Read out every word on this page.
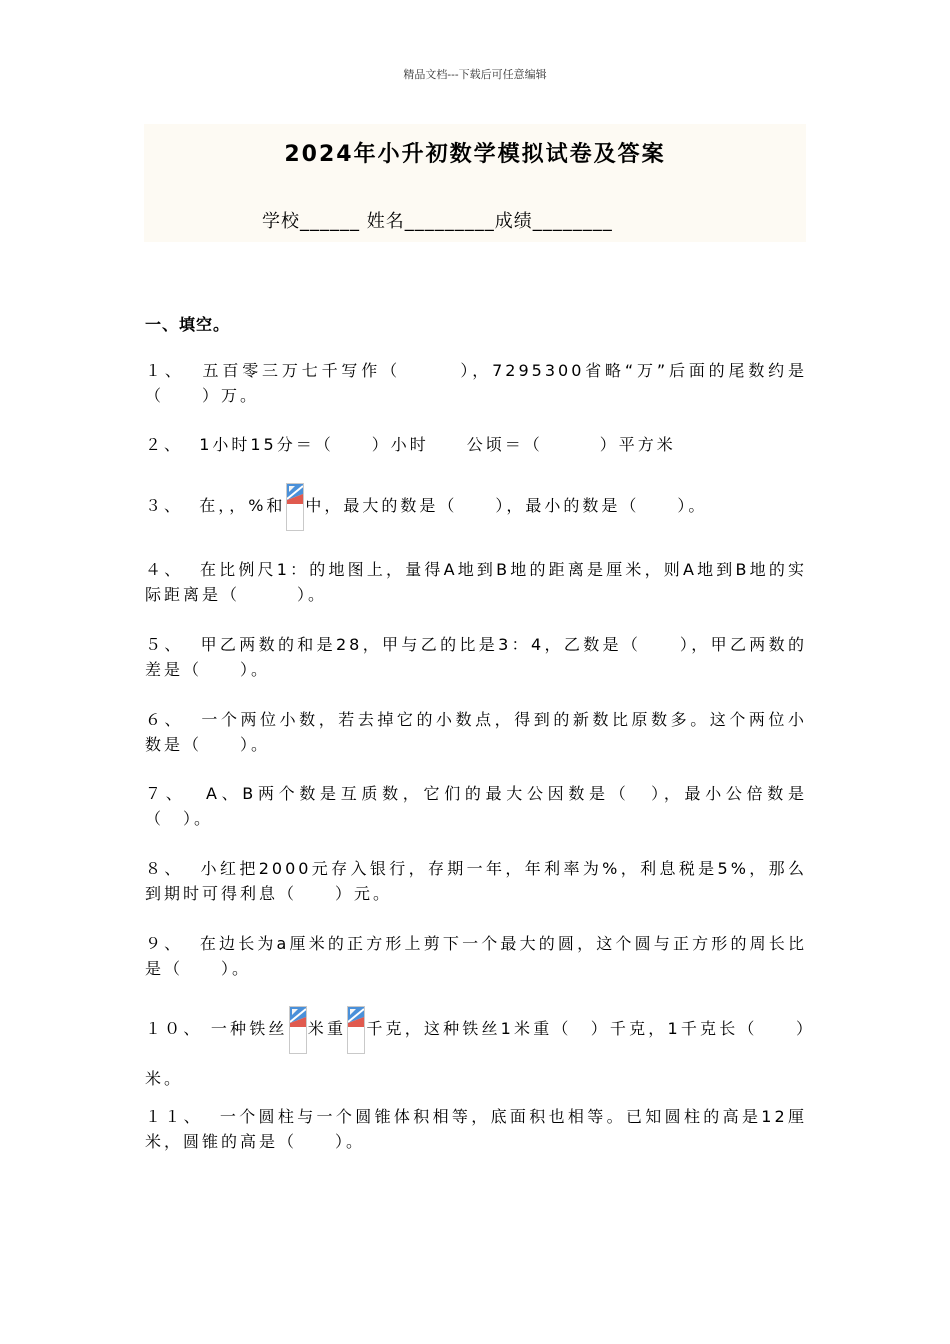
精品文档---下载后可任意编辑
2024年小升初数学模拟试卷及答案
学校______ 姓名_________成绩________
一、填空。
１、 五百零三万七千写作（　　　），7295300省略“万”后面的尾数约是（　　）万。
２、 1小时15分＝（　　）小时　　公顷＝（　　　）平方米
３、 在，，%和 中，最大的数是（　　），最小的数是（　　）。
４、 在比例尺1：的地图上，量得A地到B地的距离是厘米，则A地到B地的实际距离是（　　　）。
５、 甲乙两数的和是28，甲与乙的比是3：4，乙数是（　　），甲乙两数的差是（　　）。
６、 一个两位小数，若去掉它的小数点，得到的新数比原数多。这个两位小数是（　　）。
７、 A、B两个数是互质数，它们的最大公因数是（　），最小公倍数是（　）。
８、 小红把2000元存入银行，存期一年，年利率为%，利息税是5%，那么到期时可得利息（　　）元。
９、 在边长为a厘米的正方形上剪下一个最大的圆，这个圆与正方形的周长比是（　　）。
１０、 一种铁丝 米重 千克，这种铁丝1米重（　）千克，1千克长（　　）米。
１１、 一个圆柱与一个圆锥体积相等，底面积也相等。已知圆柱的高是12厘米，圆锥的高是（　　）。
